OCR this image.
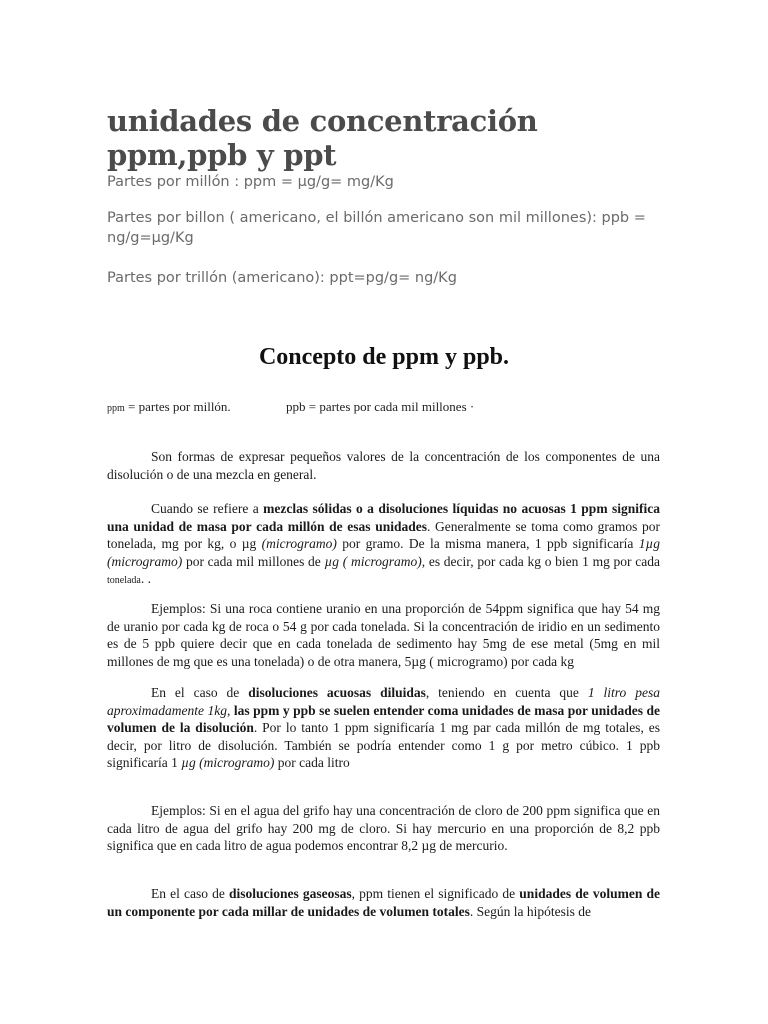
unidades de concentración ppm,ppb y ppt

Partes por millón : ppm = µg/g= mg/Kg

Partes por billon ( americano, el billón americano son mil millones): ppb = ng/g=µg/Kg

Partes por trillón (americano): ppt=pg/g= ng/Kg

Concepto de ppm y ppb.

ppm = partes por millón.	ppb = partes por cada mil millones ·

Son formas de expresar pequeños valores de la concentración de los componentes de una disolución o de una mezcla en general.

Cuando se refiere a mezclas sólidas o a disoluciones líquidas no acuosas 1 ppm significa una unidad de masa por cada millón de esas unidades. Generalmente se toma como gramos por tonelada, mg por kg, o µg (microgramo) por gramo. De la misma manera, 1 ppb significaría 1µg (microgramo) por cada mil millones de µg ( microgramo), es decir, por cada kg o bien 1 mg por cada tonelada. .

Ejemplos: Si una roca contiene uranio en una proporción de 54ppm significa que hay 54 mg de uranio por cada kg de roca o 54 g por cada tonelada. Si la concentración de iridio en un sedimento es de 5 ppb quiere decir que en cada tonelada de sedimento hay 5mg de ese metal (5mg en mil millones de mg que es una tonelada) o de otra manera, 5µg ( microgramo) por cada kg

En el caso de disoluciones acuosas diluidas, teniendo en cuenta que 1 litro pesa aproximadamente 1kg, las ppm y ppb se suelen entender coma unidades de masa por unidades de volumen de la disolución. Por lo tanto 1 ppm significaría 1 mg par cada millón de mg totales, es decir, por litro de disolución. También se podría entender como 1 g por metro cúbico. 1 ppb significaría 1 µg (microgramo) por cada litro

Ejemplos: Si en el agua del grifo hay una concentración de cloro de 200 ppm significa que en cada litro de agua del grifo hay 200 mg de cloro. Si hay mercurio en una proporción de 8,2 ppb significa que en cada litro de agua podemos encontrar 8,2 µg de mercurio.

En el caso de disoluciones gaseosas, ppm tienen el significado de unidades de volumen de un componente por cada millar de unidades de volumen totales. Según la hipótesis de
